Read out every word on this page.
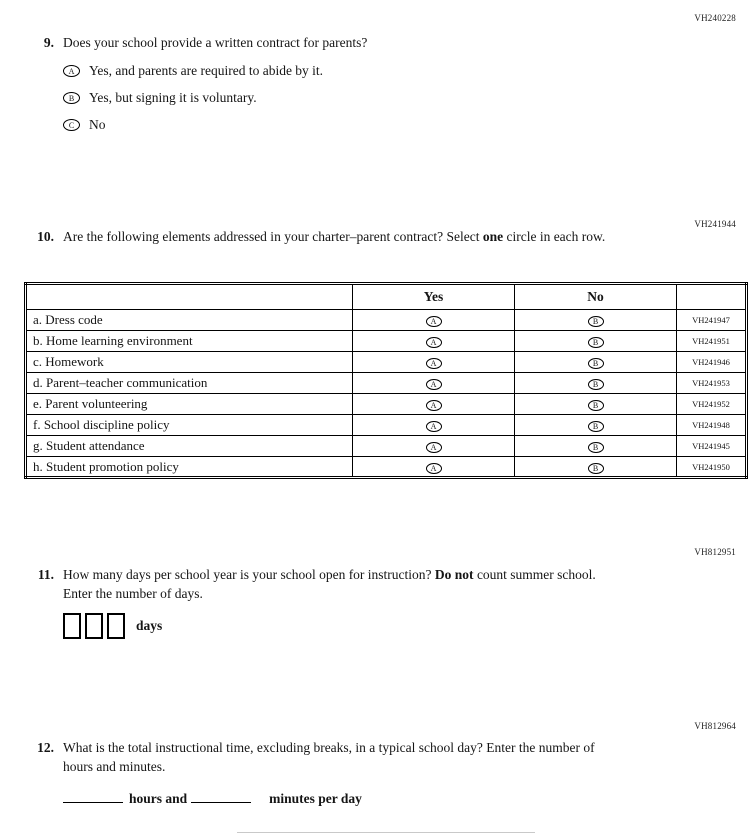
VH240228
VH241944
VH812951
VH812964
9. Does your school provide a written contract for parents?
A	Yes, and parents are required to abide by it.
B	Yes, but signing it is voluntary.
C	No
10. Are the following elements addressed in your charter–parent contract? Select one circle in each row.
	Yes	No	
a. Dress code	A	B	VH241947
b. Home learning environment	A	B	VH241951
c. Homework	A	B	VH241946
d. Parent–teacher communication	A	B	VH241953
e. Parent volunteering	A	B	VH241952
f. School discipline policy	A	B	VH241948
g. Student attendance	A	B	VH241945
h. Student promotion policy	A	B	VH241950
11. How many days per school year is your school open for instruction? Do not count summer school. Enter the number of days.
days
12. What is the total instructional time, excluding breaks, in a typical school day? Enter the number of hours and minutes.
hours and	minutes per day
